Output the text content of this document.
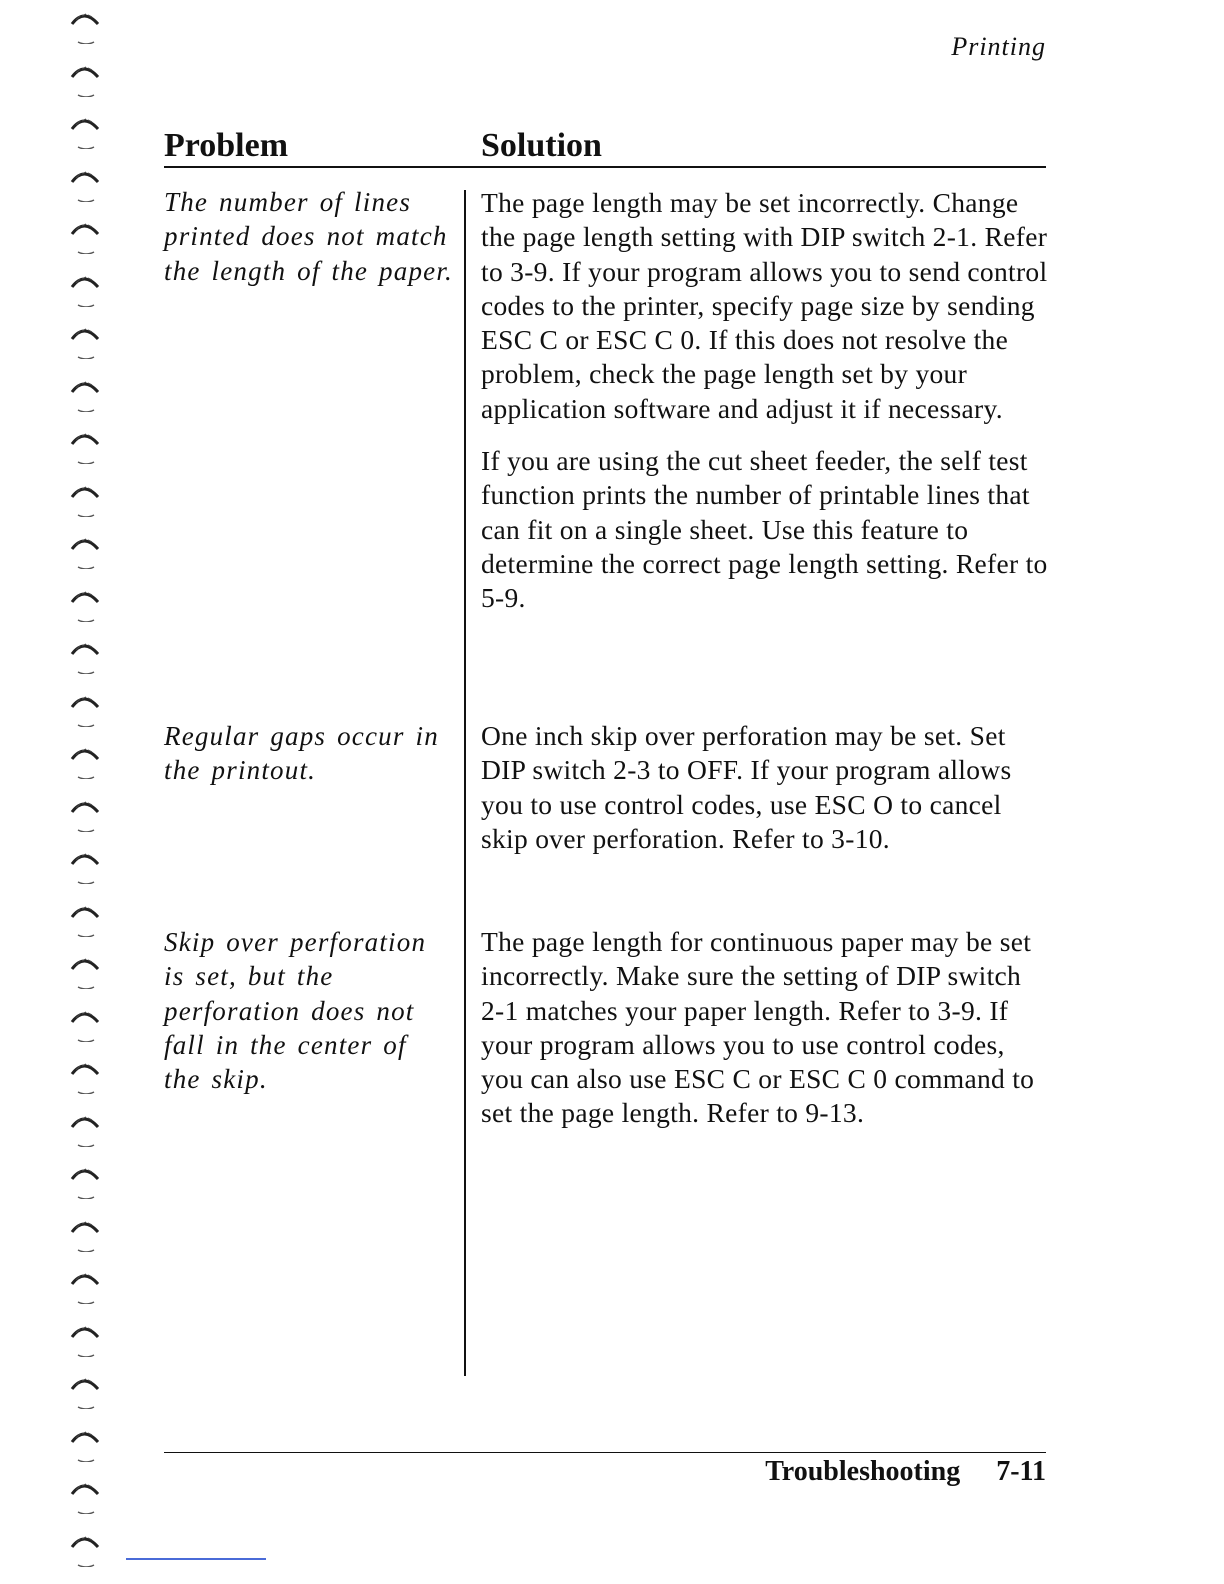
Printing
Problem	Solution
The number of lines printed does not match the length of the paper.

The page length may be set incorrectly. Change the page length setting with DIP switch 2-1. Refer to 3-9. If your program allows you to send control codes to the printer, specify page size by sending ESC C or ESC C 0. If this does not resolve the problem, check the page length set by your application software and adjust it if necessary.

If you are using the cut sheet feeder, the self test function prints the number of printable lines that can fit on a single sheet. Use this feature to determine the correct page length setting. Refer to 5-9.

Regular gaps occur in the printout.

One inch skip over perforation may be set. Set DIP switch 2-3 to OFF. If your program allows you to use control codes, use ESC O to cancel skip over perforation. Refer to 3-10.

Skip over perforation is set, but the perforation does not fall in the center of the skip.

The page length for continuous paper may be set incorrectly. Make sure the setting of DIP switch 2-1 matches your paper length. Refer to 3-9. If your program allows you to use control codes, you can also use ESC C or ESC C 0 command to set the page length. Refer to 9-13.

Troubleshooting 7-11
